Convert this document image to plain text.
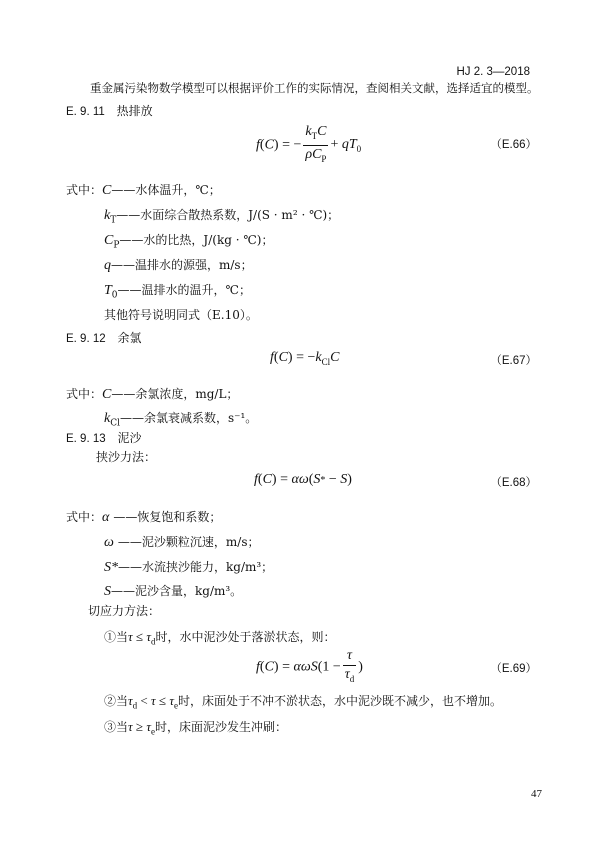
HJ 2. 3—2018
重金属污染物数学模型可以根据评价工作的实际情况，查阅相关文献，选择适宜的模型。
E. 9. 11 热排放
f(C) = − $\frac{k_TC}{\rho C_P} + qT_0$	（E.66）
式中：C——水体温升，℃；
$k_T——$水面综合散热系数，J/(S · m² · ℃)；
$C_P——$水的比热，J/(kg · ℃)；
q——温排水的源强，m/s；
$T_0——$温排水的温升，℃；
其他符号说明同式（E.10）。
E. 9. 12 余氯
$f(C) = -k_{Cl}C$	（E.67）
式中：C——余氯浓度，mg/L；
$k_{Cl}——$余氯衰减系数，s⁻¹。
E. 9. 13 泥沙
挟沙力法：
f(C) = αω(S* − S)	（E.68）
式中：α ——恢复饱和系数；
ω ——泥沙颗粒沉速，m/s；
S*——水流挟沙能力，kg/m³；
S——泥沙含量，kg/m³。
切应力方法：
①当$\tau \le \tau_d$时，水中泥沙处于落淤状态，则：
$f(C) = \alpha\omega S(1 - \frac{\tau}{\tau_d}$ )	（E.69）
②当$\tau_d < \tau \le \tau_e$时，床面处于不冲不淤状态，水中泥沙既不减少，也不增加。
③当$\tau \ge \tau_e$时，床面泥沙发生冲刷：
47
